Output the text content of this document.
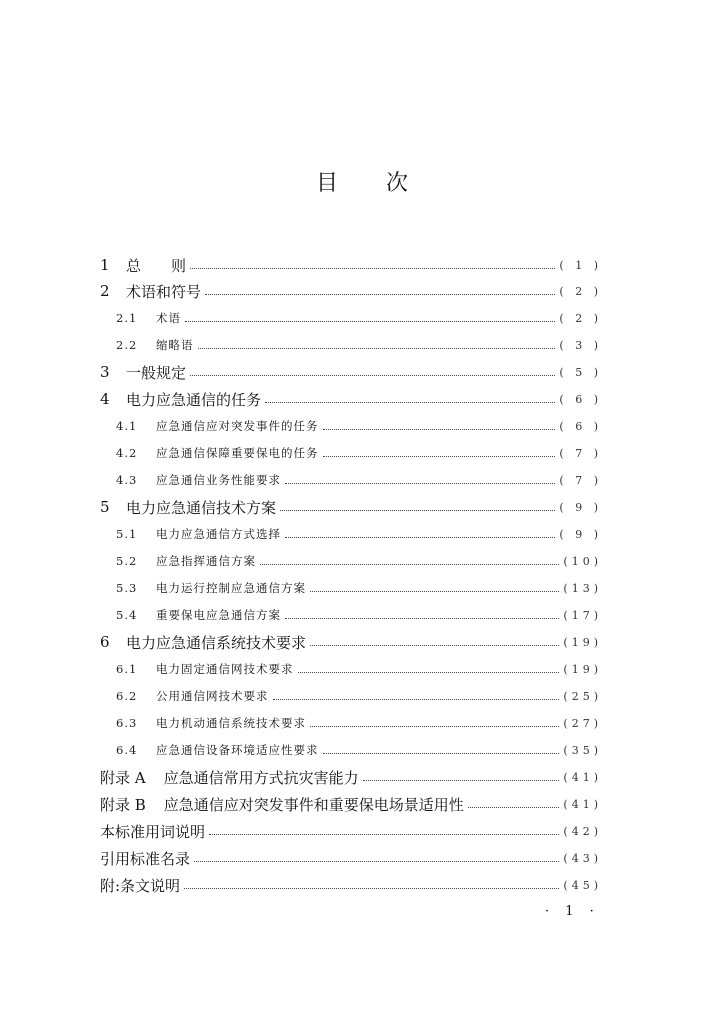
目 次
1	总　　则	( 1 )
2	术语和符号	( 2 )
2.1	术语	( 2 )
2.2	缩略语	( 3 )
3	一般规定	( 5 )
4	电力应急通信的任务	( 6 )
4.1	应急通信应对突发事件的任务	( 6 )
4.2	应急通信保障重要保电的任务	( 7 )
4.3	应急通信业务性能要求	( 7 )
5	电力应急通信技术方案	( 9 )
5.1	电力应急通信方式选择	( 9 )
5.2	应急指挥通信方案	(10)
5.3	电力运行控制应急通信方案	(13)
5.4	重要保电应急通信方案	(17)
6	电力应急通信系统技术要求	(19)
6.1	电力固定通信网技术要求	(19)
6.2	公用通信网技术要求	(25)
6.3	电力机动通信系统技术要求	(27)
6.4	应急通信设备环境适应性要求	(35)
附录 A 应急通信常用方式抗灾害能力	(41)
附录 B 应急通信应对突发事件和重要保电场景适用性	(41)
本标准用词说明	(42)
引用标准名录	(43)
附:条文说明	(45)
· 1 ·
